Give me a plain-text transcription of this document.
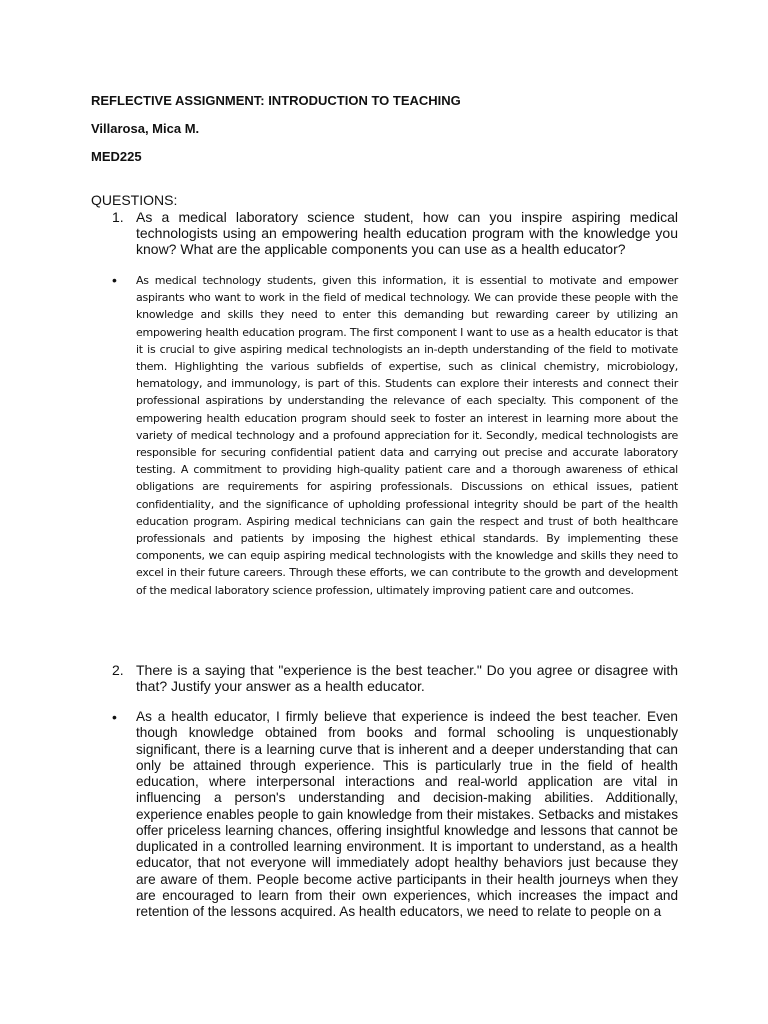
REFLECTIVE ASSIGNMENT: INTRODUCTION TO TEACHING
Villarosa, Mica M.
MED225
QUESTIONS:
1. As a medical laboratory science student, how can you inspire aspiring medical technologists using an empowering health education program with the knowledge you know? What are the applicable components you can use as a health educator?
• As medical technology students, given this information, it is essential to motivate and empower aspirants who want to work in the field of medical technology. We can provide these people with the knowledge and skills they need to enter this demanding but rewarding career by utilizing an empowering health education program. The first component I want to use as a health educator is that it is crucial to give aspiring medical technologists an in-depth understanding of the field to motivate them. Highlighting the various subfields of expertise, such as clinical chemistry, microbiology, hematology, and immunology, is part of this. Students can explore their interests and connect their professional aspirations by understanding the relevance of each specialty. This component of the empowering health education program should seek to foster an interest in learning more about the variety of medical technology and a profound appreciation for it. Secondly, medical technologists are responsible for securing confidential patient data and carrying out precise and accurate laboratory testing. A commitment to providing high-quality patient care and a thorough awareness of ethical obligations are requirements for aspiring professionals. Discussions on ethical issues, patient confidentiality, and the significance of upholding professional integrity should be part of the health education program. Aspiring medical technicians can gain the respect and trust of both healthcare professionals and patients by imposing the highest ethical standards. By implementing these components, we can equip aspiring medical technologists with the knowledge and skills they need to excel in their future careers. Through these efforts, we can contribute to the growth and development of the medical laboratory science profession, ultimately improving patient care and outcomes.
2. There is a saying that "experience is the best teacher." Do you agree or disagree with that? Justify your answer as a health educator.
• As a health educator, I firmly believe that experience is indeed the best teacher. Even though knowledge obtained from books and formal schooling is unquestionably significant, there is a learning curve that is inherent and a deeper understanding that can only be attained through experience. This is particularly true in the field of health education, where interpersonal interactions and real-world application are vital in influencing a person's understanding and decision-making abilities. Additionally, experience enables people to gain knowledge from their mistakes. Setbacks and mistakes offer priceless learning chances, offering insightful knowledge and lessons that cannot be duplicated in a controlled learning environment. It is important to understand, as a health educator, that not everyone will immediately adopt healthy behaviors just because they are aware of them. People become active participants in their health journeys when they are encouraged to learn from their own experiences, which increases the impact and retention of the lessons acquired. As health educators, we need to relate to people on a
